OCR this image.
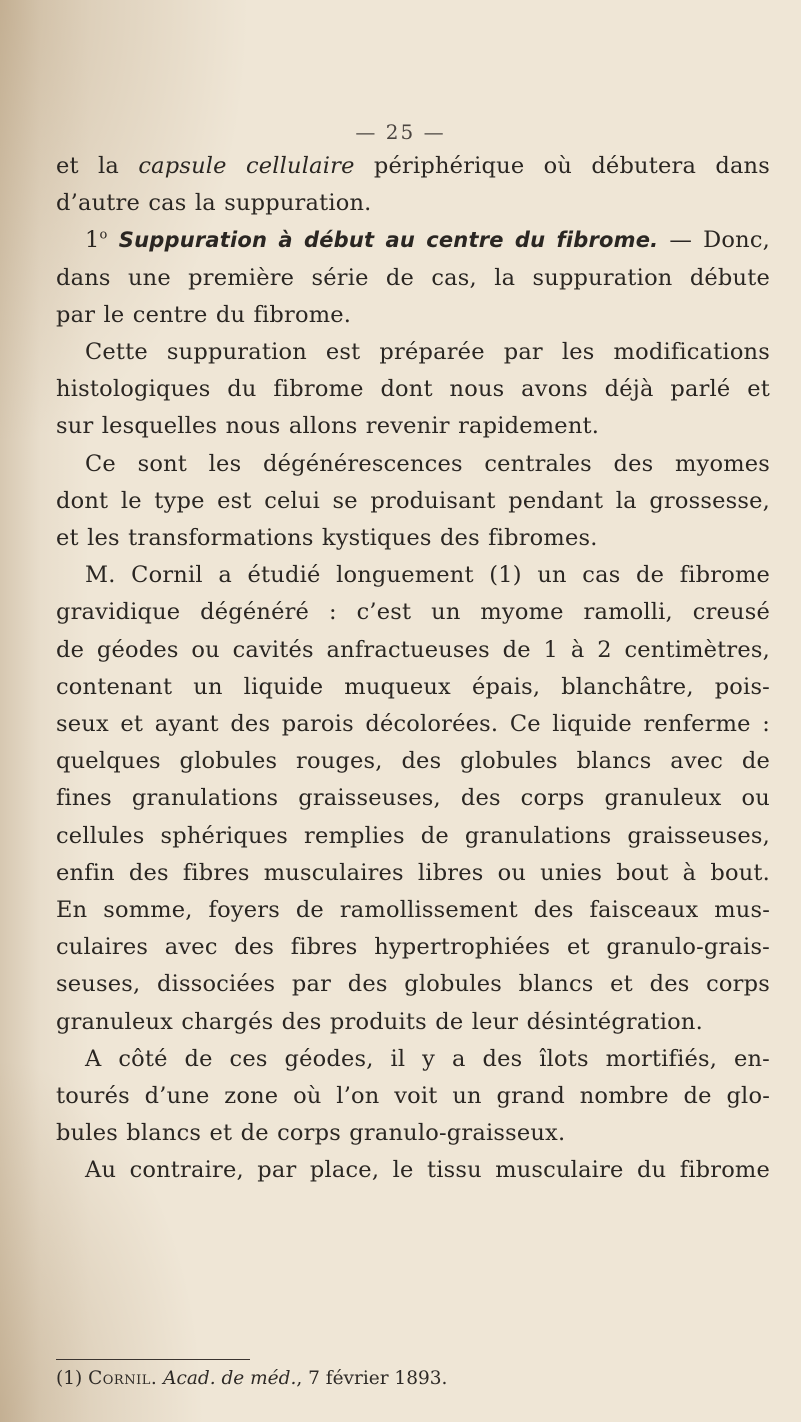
— 25 —
et la capsule cellulaire périphérique où débutera dans
d’autre cas la suppuration.
1$^o$ Suppuration à début au centre du fibrome. — Donc,
dans une première série de cas, la suppuration débute
par le centre du fibrome.
Cette suppuration est préparée par les modifications
histologiques du fibrome dont nous avons déjà parlé et
sur lesquelles nous allons revenir rapidement.
Ce sont les dégénérescences centrales des myomes
dont le type est celui se produisant pendant la grossesse,
et les transformations kystiques des fibromes.
M. Cornil a étudié longuement (1) un cas de fibrome
gravidique dégénéré : c’est un myome ramolli, creusé
de géodes ou cavités anfractueuses de 1 à 2 centimètres,
contenant un liquide muqueux épais, blanchâtre, pois-
seux et ayant des parois décolorées. Ce liquide renferme :
quelques globules rouges, des globules blancs avec de
fines granulations graisseuses, des corps granuleux ou
cellules sphériques remplies de granulations graisseuses,
enfin des fibres musculaires libres ou unies bout à bout.
En somme, foyers de ramollissement des faisceaux mus-
culaires avec des fibres hypertrophiées et granulo-grais-
seuses, dissociées par des globules blancs et des corps
granuleux chargés des produits de leur désintégration.
A côté de ces géodes, il y a des îlots mortifiés, en-
tourés d’une zone où l’on voit un grand nombre de glo-
bules blancs et de corps granulo-graisseux.
Au contraire, par place, le tissu musculaire du fibrome
(1) Cornil. Acad. de méd., 7 février 1893.
